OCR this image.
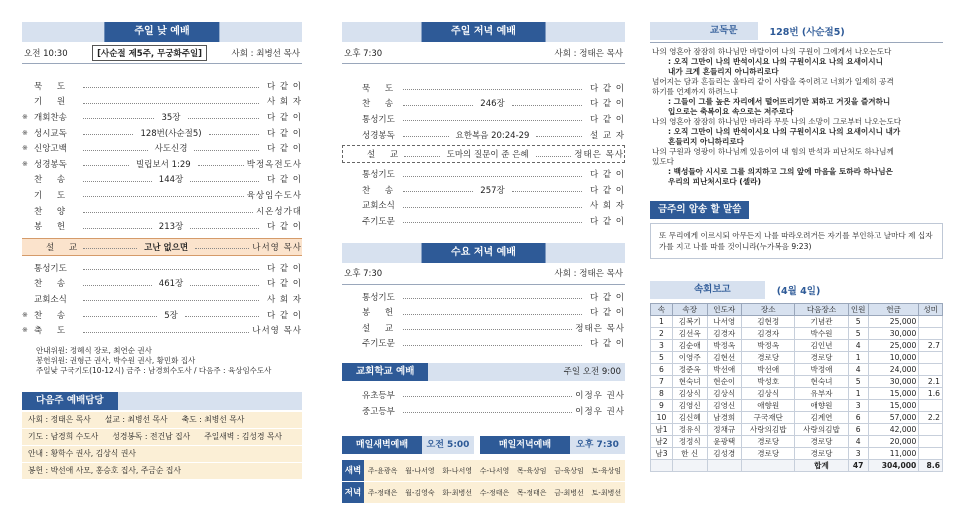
주일 낮 예배
오전 10:30	[사순절 제5주, 무궁화주일]	사회 : 최병선 목사
묵 도	다 같 이
기 원	사 회 자
※ 개회찬송	35장	다 같 이
※ 성시교독	128번(사순절5)	다 같 이
※ 신앙고백	사도신경	다 같 이
※ 성경봉독	빌립보서 1:29	박정옥전도사
찬 송	144장	다 같 이
기 도	육상임수도사
찬 양	시온성가대
봉 헌	213장	다 같 이
설 교	고난 없으면	나서영 목사
통성기도	다 같 이
찬 송	461장	다 같 이
교회소식	사 회 자
※ 찬 송	5장	다 같 이
※ 축 도	나서영 목사
안내위원: 정혜식 장로, 최연순 권사
봉헌위원: 권형근 권사, 박수원 권사, 황민화 집사
주일낮 구국기도(10-12시) 금주 : 남경희수도사 / 다음주 : 육상임수도사
다음주 예배담당
사회 : 정태은 목사 설교 : 최병선 목사 축도 : 최병선 목사
기도 : 남경희 수도사 성경봉독 : 전건남 집사 주일새벽 : 김성경 목사
안내 : 황학수 권사, 김상식 권사
봉헌 : 박선애 사모, 홍승호 집사, 주금순 집사
주일 저녁 예배
오후 7:30	사회 : 정태은 목사
묵 도	다 같 이
찬 송	246장	다 같 이
통성기도	다 같 이
성경봉독	요한복음 20:24-29	설 교 자
설 교	도마의 질문이 준 은혜	정태은 목사
통성기도	다 같 이
찬 송	257장	다 같 이
교회소식	사 회 자
주기도문	다 같 이
수요 저녁 예배
오후 7:30	사회 : 정태은 목사
통성기도	다 같 이
봉 헌	다 같 이
설 교	정태은 목사
주기도문	다 같 이
교회학교 예배	주일 오전 9:00
유초등부	이정우 권사
중고등부	이정우 권사
매일새벽예배	오전 5:00	매일저녁예배	오후 7:30
새벽 주-윤광옥	월-나서영	화-나서영	수-나서영	목-육상임	금-육상임	토-육상임
저녁 주-정태은	월-김영숙	화-최병선	수-정태은	목-정태은	금-최병선	토-최병선
교독문	128번 (사순절5)
나의 영혼아 잠잠히 하나님만 바랄이여 나의 구원이 그에게서 나오는도다
: 오직 그만이 나의 반석이시요 나의 구원이시요 나의 요새이시니
내가 크게 흔들리지 아니하리로다
넘어지는 담과 흔들리는 울타리 같이 사람을 죽이려고 너희가 일제히 공격
하기를 언제까지 하려느냐
: 그들이 그를 높은 자리에서 떨어뜨리기만 꾀하고 거짓을 즐겨하니
입으로는 축복이요 속으로는 저주로다
나의 영혼아 잠잠히 하나님만 바라라 무릇 나의 소망이 그로부터 나오는도다
: 오직 그만이 나의 반석이시요 나의 구원이시요 나의 요새이시니 내가
흔들리지 아니하리로다
나의 구원과 영광이 하나님께 있음이여 내 힘의 반석과 피난처도 하나님께
있도다
: 백성들아 시시로 그를 의지하고 그의 앞에 마음을 토하라 하나님은
우리의 피난처시로다 (셀라)
금주의 암송 할 말씀
또 무리에게 이르시되 아무든지 나를 따라오려거든 자기를 부인하고 날마다 제 십자가를 지고 나를 따를 것이니라(누가복음 9:23)
속회보고	(4월 4일)
속	속장	인도자	장소	다음장소	인원	헌금	성미
1	김복기	나서영	김현정	기념관	5	25,000	
2	김선옥	김경자	김경자	박수원	5	30,000	
3	김순애	박정옥	박정옥	김인년	4	25,000	2.7
5	이영주	김현선	경로당	경로당	1	10,000	
6	정준옥	박선애	박선애	박정애	4	24,000	
7	현숙녀	현순이	박성호	현숙녀	5	30,000	2.1
8	김상식	김상식	김상식	유부자	1	15,000	1.6
9	김영신	김영신	애향원	애향원	3	15,000	
10	김신혜	남경희	구국재단	김계연	6	57,000	2.2
남1	정유식	정채규	사랑의김밥	사랑의김밥	6	42,000	
남2	정정식	윤광택	경로당	경로당	4	20,000	
남3	한 신	김성경	경로당	경로당	3	11,000	
				합계	47	304,000	8.6
